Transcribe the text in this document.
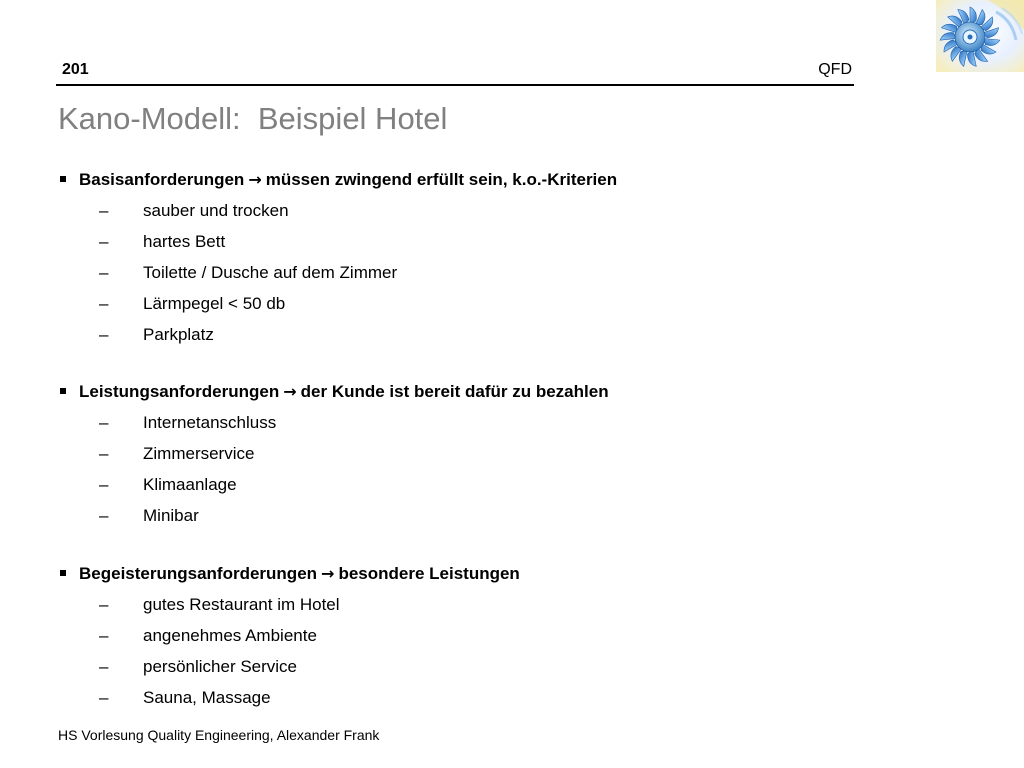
201	QFD
Kano-Modell:  Beispiel Hotel
Basisanforderungen → müssen zwingend erfüllt sein, k.o.-Kriterien
– sauber und trocken
– hartes Bett
– Toilette / Dusche auf dem Zimmer
– Lärmpegel < 50 db
– Parkplatz
Leistungsanforderungen → der Kunde ist bereit dafür zu bezahlen
– Internetanschluss
– Zimmerservice
– Klimaanlage
– Minibar
Begeisterungsanforderungen → besondere Leistungen
– gutes Restaurant im Hotel
– angenehmes Ambiente
– persönlicher Service
– Sauna, Massage
HS Vorlesung Quality Engineering, Alexander Frank
